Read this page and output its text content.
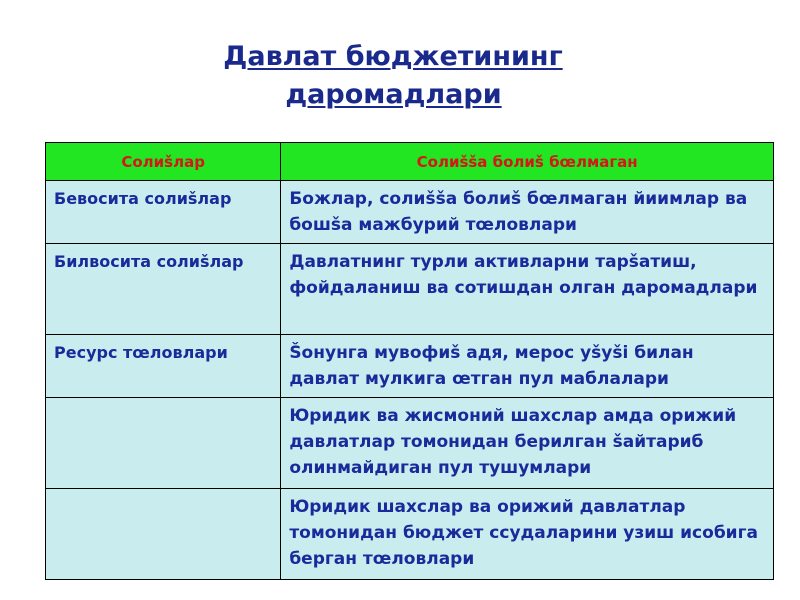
Давлат бюджетининг
даромадлари
Солиšлар	Солиššа болиš бœлмаган
Бевосита солиšлар	Божлар, солиššа болиš бœлмаган йиимлар ва бошšа мажбурий тœловлари
Билвосита солиšлар	Давлатнинг турли активларни тарšатиш, фойдаланиш ва сотишдан олган даромадлари
Ресурс тœловлари	Šонунга мувофиš адя, мерос уšуši билан давлат мулкига œтган пул маблалари
	Юридик ва жисмоний шахслар амда орижий давлатлар томонидан берилган šайтариб олинмайдиган пул тушумлари
	Юридик шахслар ва орижий давлатлар томонидан бюджет ссудаларини узиш исобига берган тœловлари
